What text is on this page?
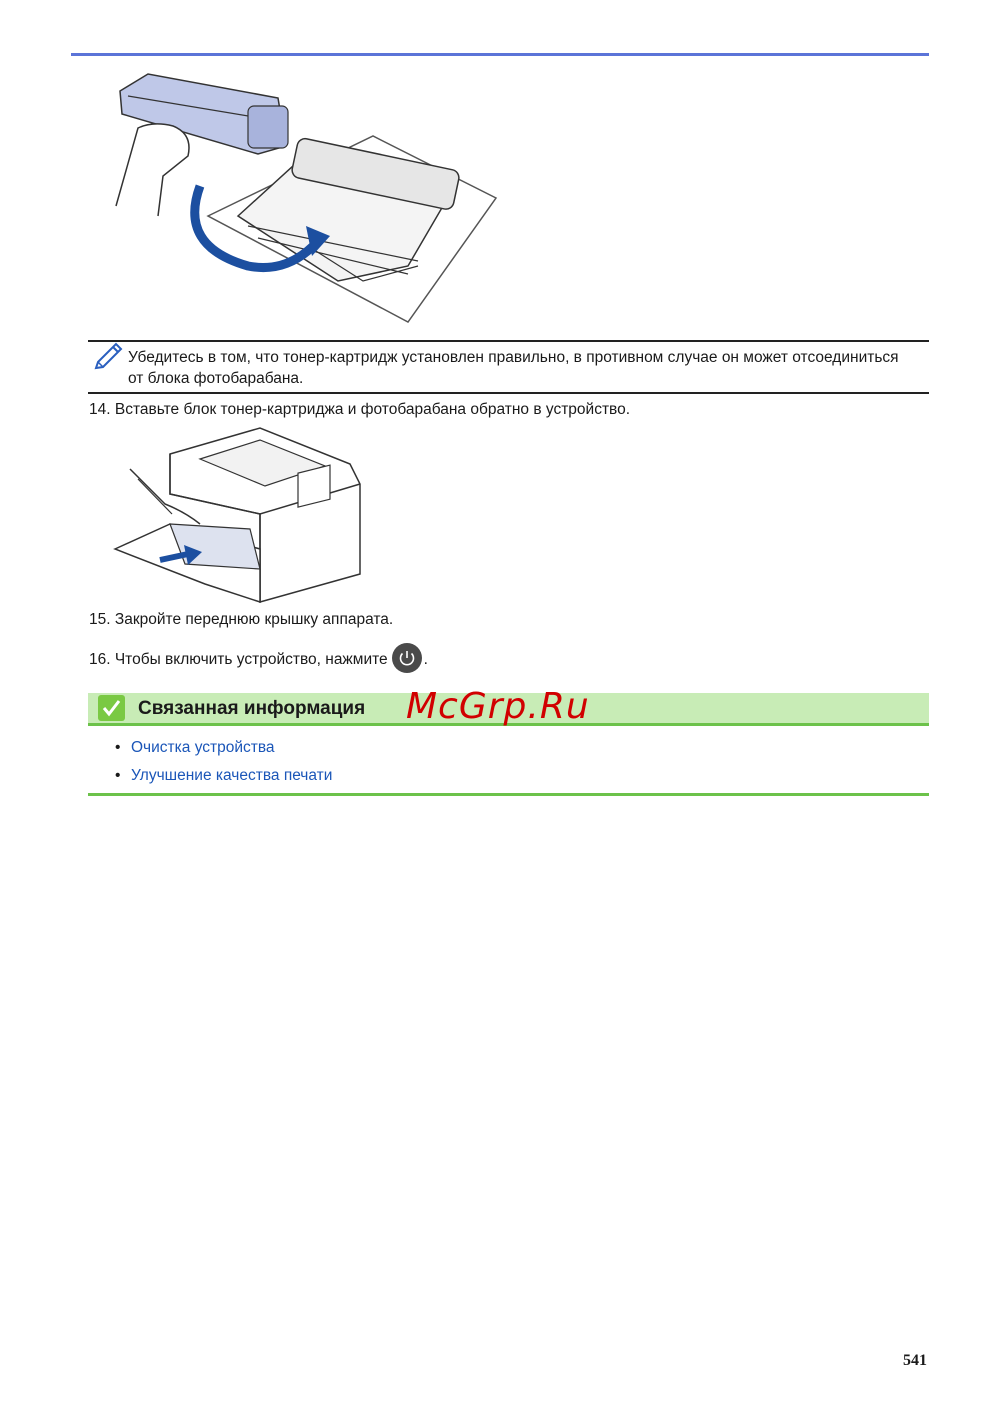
Убедитесь в том, что тонер-картридж установлен правильно, в противном случае он может отсоединиться от блока фотобарабана.
14. Вставьте блок тонер-картриджа и фотобарабана обратно в устройство.
15. Закройте переднюю крышку аппарата.
16. Чтобы включить устройство, нажмите .
Связанная информация McGrp.Ru
• Очистка устройства
• Улучшение качества печати
541
